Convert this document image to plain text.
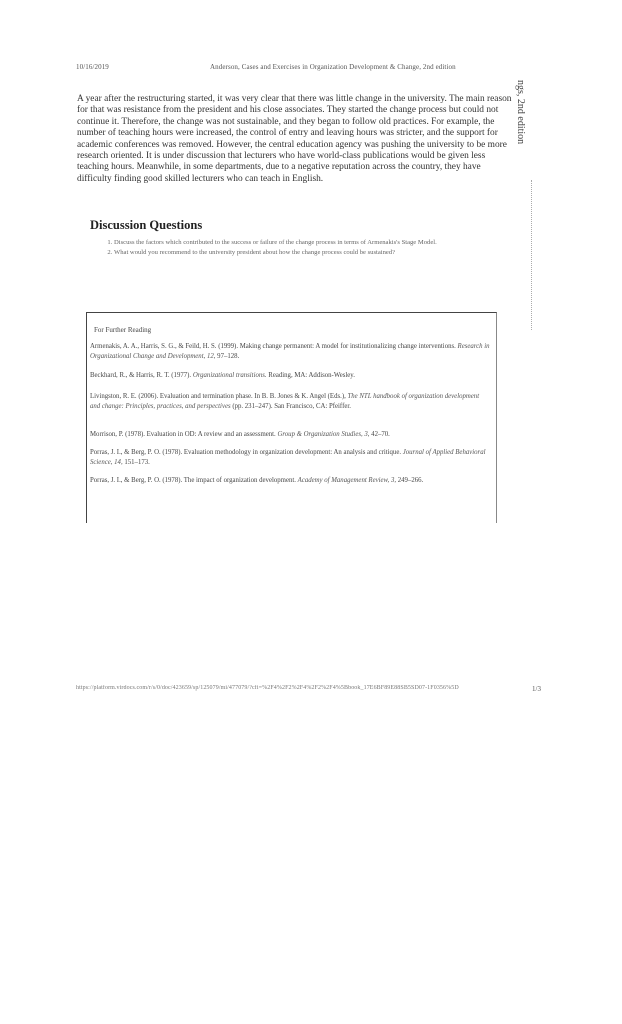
10/16/2019	Anderson, Cases and Exercises in Organization Development & Change, 2nd edition
ngs, 2nd edition

A year after the restructuring started, it was very clear that there was little change in the university. The main reason for that was resistance from the president and his close associates. They started the change process but could not continue it. Therefore, the change was not sustainable, and they began to follow old practices. For example, the number of teaching hours were increased, the control of entry and leaving hours was stricter, and the support for academic conferences was removed. However, the central education agency was pushing the university to be more research oriented. It is under discussion that lecturers who have world-class publications would be given less teaching hours. Meanwhile, in some departments, due to a negative reputation across the country, they have difficulty finding good skilled lecturers who can teach in English.

Discussion Questions
1. Discuss the factors which contributed to the success or failure of the change process in terms of Armenakis's Stage Model.
2. What would you recommend to the university president about how the change process could be sustained?
For Further Reading

Armenakis, A. A., Harris, S. G., & Feild, H. S. (1999). Making change permanent: A model for institutionalizing change interventions. Research in Organizational Change and Development, 12, 97–128.

Beckhard, R., & Harris, R. T. (1977). Organizational transitions. Reading, MA: Addison-Wesley.

Livingston, R. E. (2006). Evaluation and termination phase. In B. B. Jones & K. Angel (Eds.), The NTL handbook of organization development and change: Principles, practices, and perspectives (pp. 231–247). San Francisco, CA: Pfeiffer.

Morrison, P. (1978). Evaluation in OD: A review and an assessment. Group & Organization Studies, 3, 42–70.

Porras, J. I., & Berg, P. O. (1978). Evaluation methodology in organization development: An analysis and critique. Journal of Applied Behavioral Science, 14, 151–173.

Porras, J. I., & Berg, P. O. (1978). The impact of organization development. Academy of Management Review, 3, 249–266.

https://platform.virdocs.com/r/s/0/doc/423659/sp/125079/mi/477079/?cfi=%2F4%2F2%2F4%2F2%2F4%5Bbook_17E6BF89E88SB5SD07-1F0356%5D	1/3
